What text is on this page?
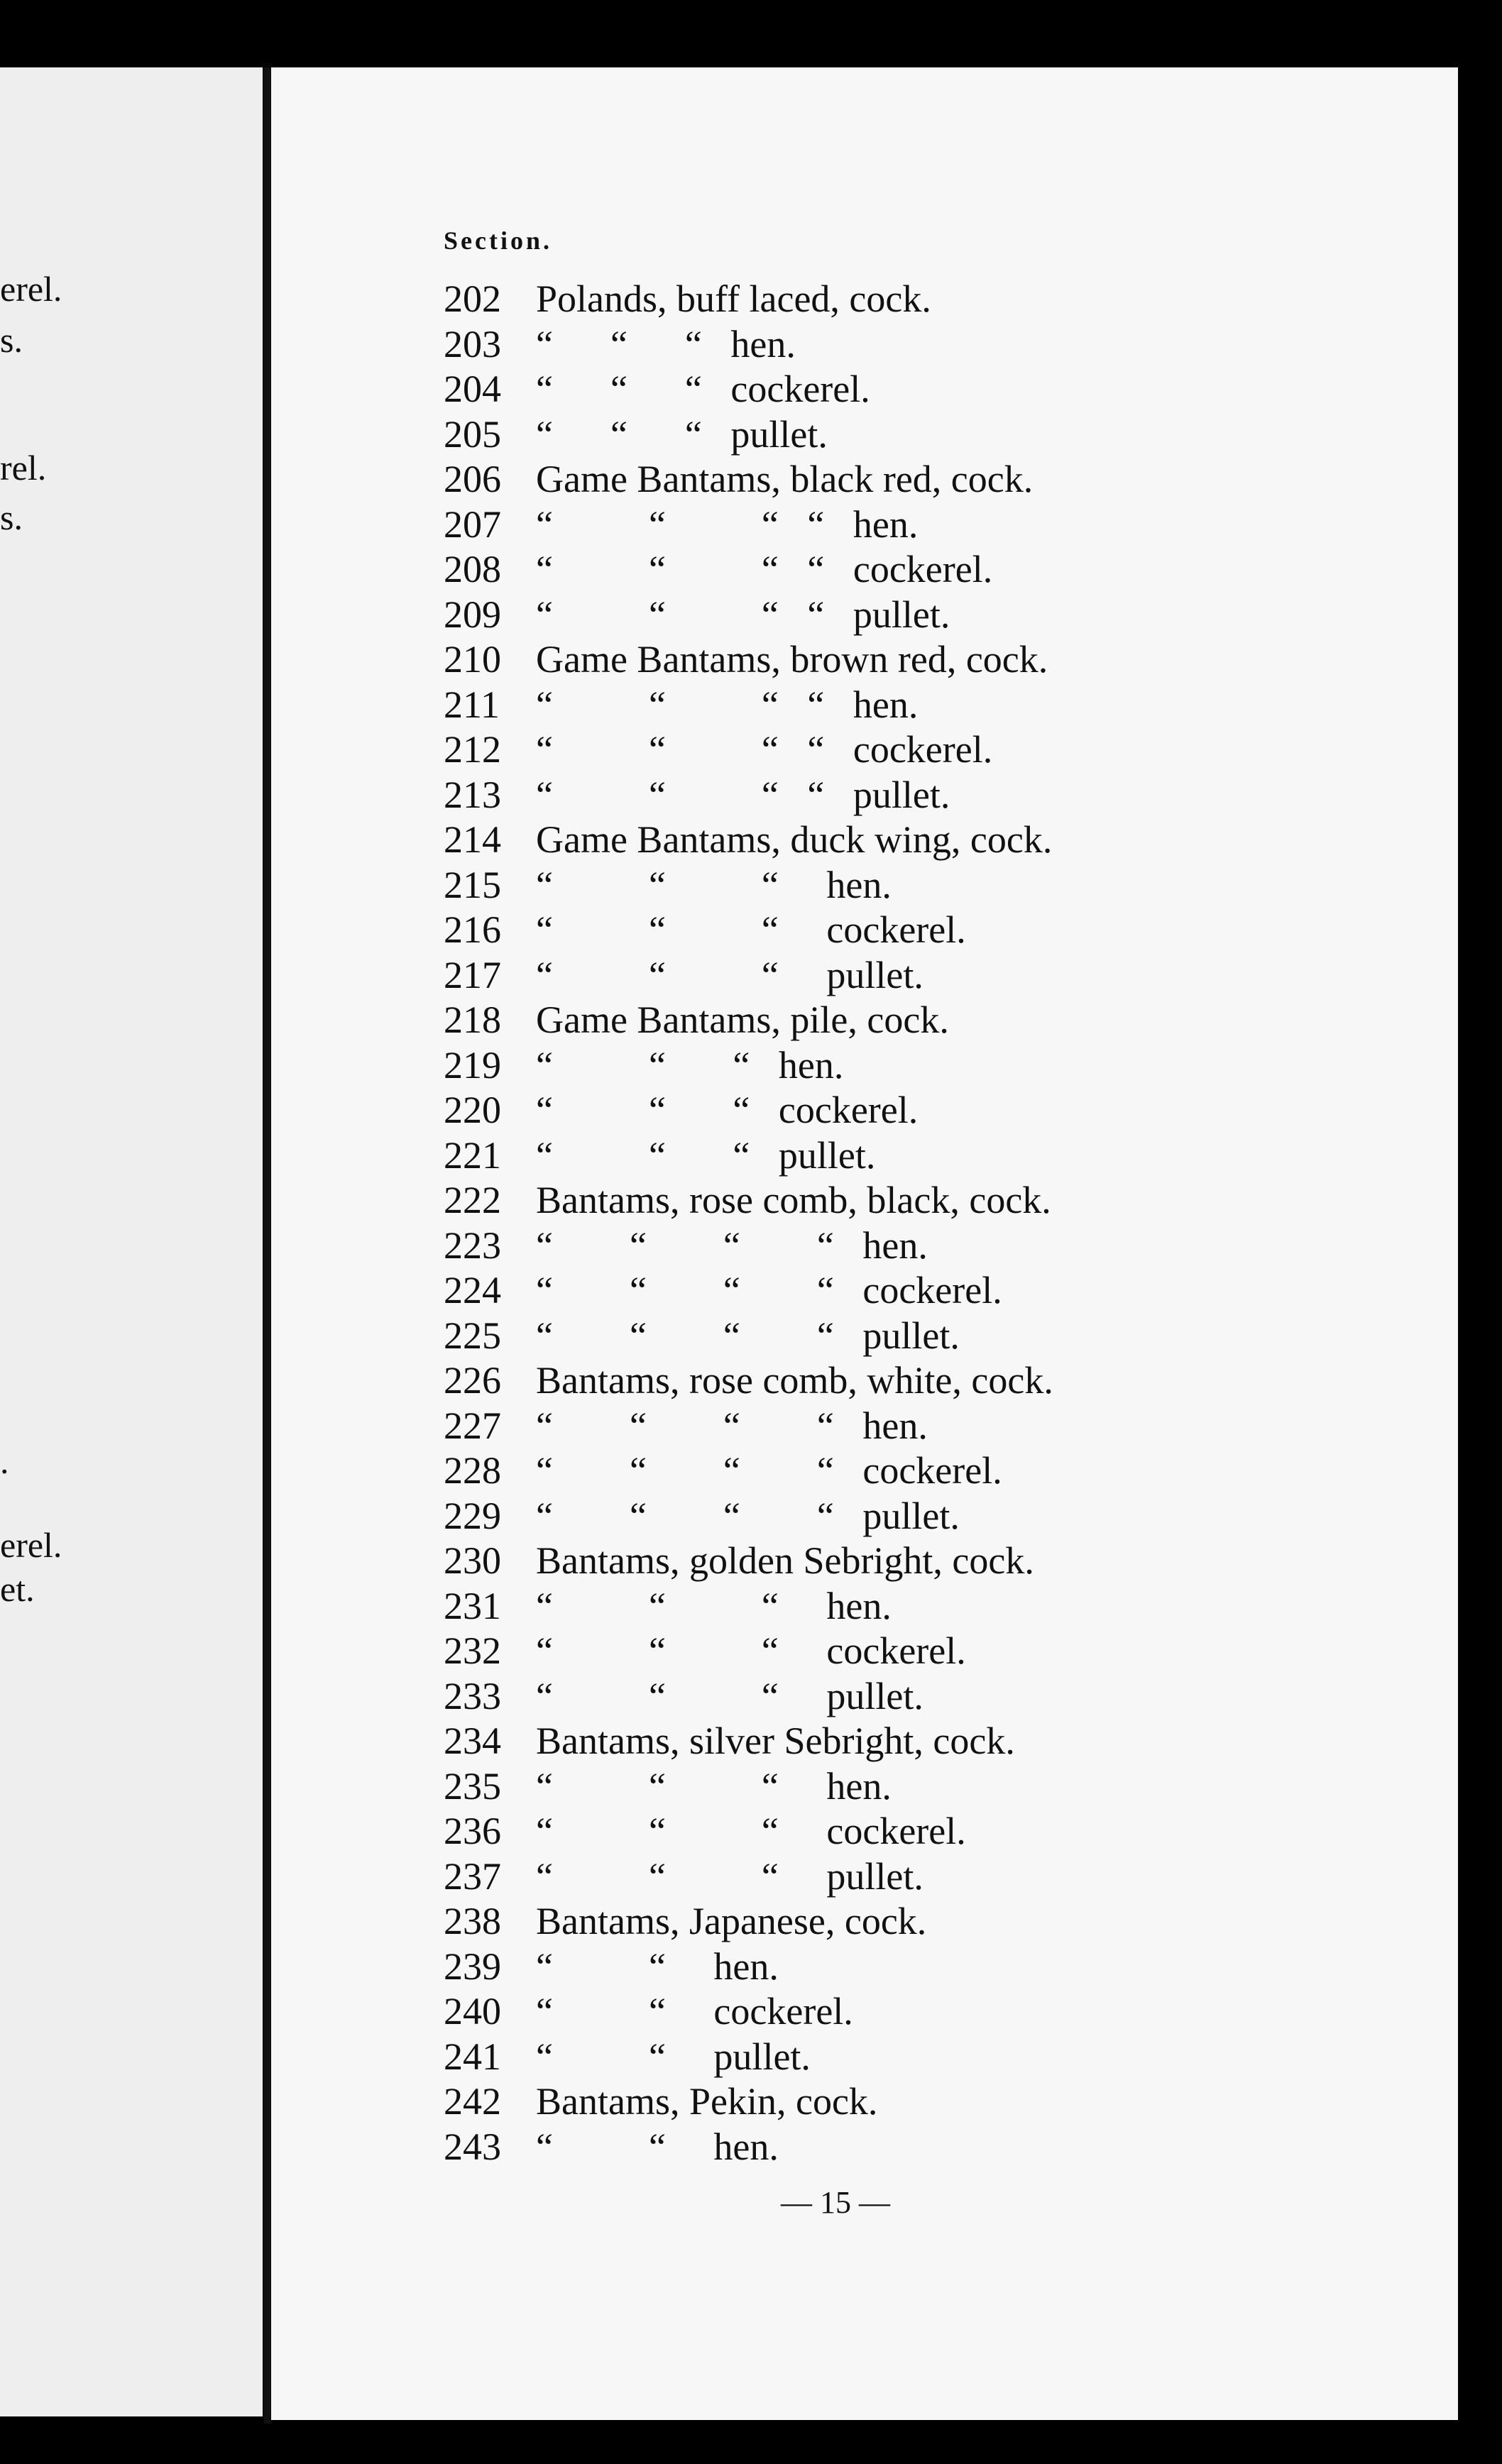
erel.
s.
rel.
s.
.
erel.
et.
Section.
202 Polands, buff laced, cock.
203 “      “      “   hen.
204 “      “      “   cockerel.
205 “      “      “   pullet.
206 Game Bantams, black red, cock.
207 “          “          “   “   hen.
208 “          “          “   “   cockerel.
209 “          “          “   “   pullet.
210 Game Bantams, brown red, cock.
211 “          “          “   “   hen.
212 “          “          “   “   cockerel.
213 “          “          “   “   pullet.
214 Game Bantams, duck wing, cock.
215 “          “          “     hen.
216 “          “          “     cockerel.
217 “          “          “     pullet.
218 Game Bantams, pile, cock.
219 “          “       “   hen.
220 “          “       “   cockerel.
221 “          “       “   pullet.
222 Bantams, rose comb, black, cock.
223 “        “        “        “   hen.
224 “        “        “        “   cockerel.
225 “        “        “        “   pullet.
226 Bantams, rose comb, white, cock.
227 “        “        “        “   hen.
228 “        “        “        “   cockerel.
229 “        “        “        “   pullet.
230 Bantams, golden Sebright, cock.
231 “          “          “     hen.
232 “          “          “     cockerel.
233 “          “          “     pullet.
234 Bantams, silver Sebright, cock.
235 “          “          “     hen.
236 “          “          “     cockerel.
237 “          “          “     pullet.
238 Bantams, Japanese, cock.
239 “          “     hen.
240 “          “     cockerel.
241 “          “     pullet.
242 Bantams, Pekin, cock.
243 “          “     hen.
— 15 —
